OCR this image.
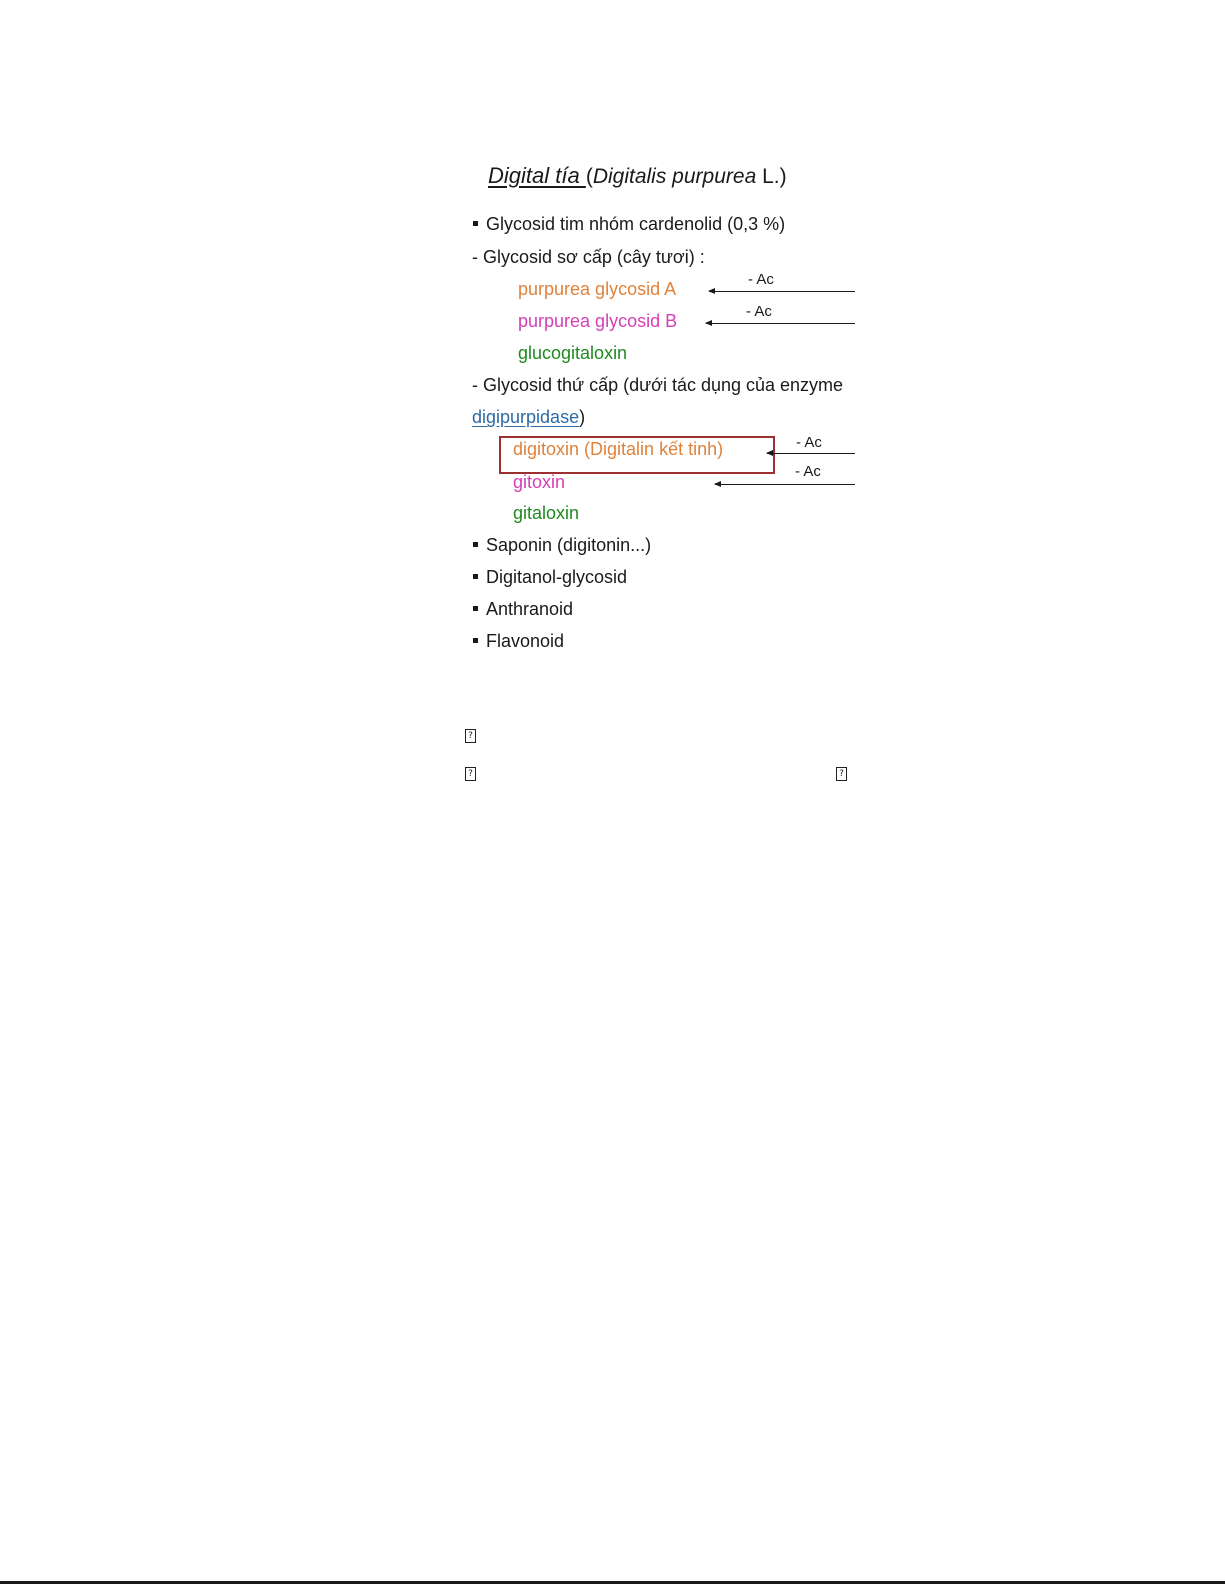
Digital tía (Digitalis purpurea L.)
Glycosid tim nhóm cardenolid (0,3 %)
- Glycosid sơ cấp (cây tươi) :
purpurea glycosid A	- Ac
purpurea glycosid B	- Ac
glucogitaloxin
- Glycosid thứ cấp (dưới tác dụng của enzyme
digipurpidase)
digitoxin (Digitalin kết tinh)	- Ac
gitoxin
- Ac
gitaloxin
Saponin (digitonin...)
Digitanol-glycosid
Anthranoid
Flavonoid
?
?	?
